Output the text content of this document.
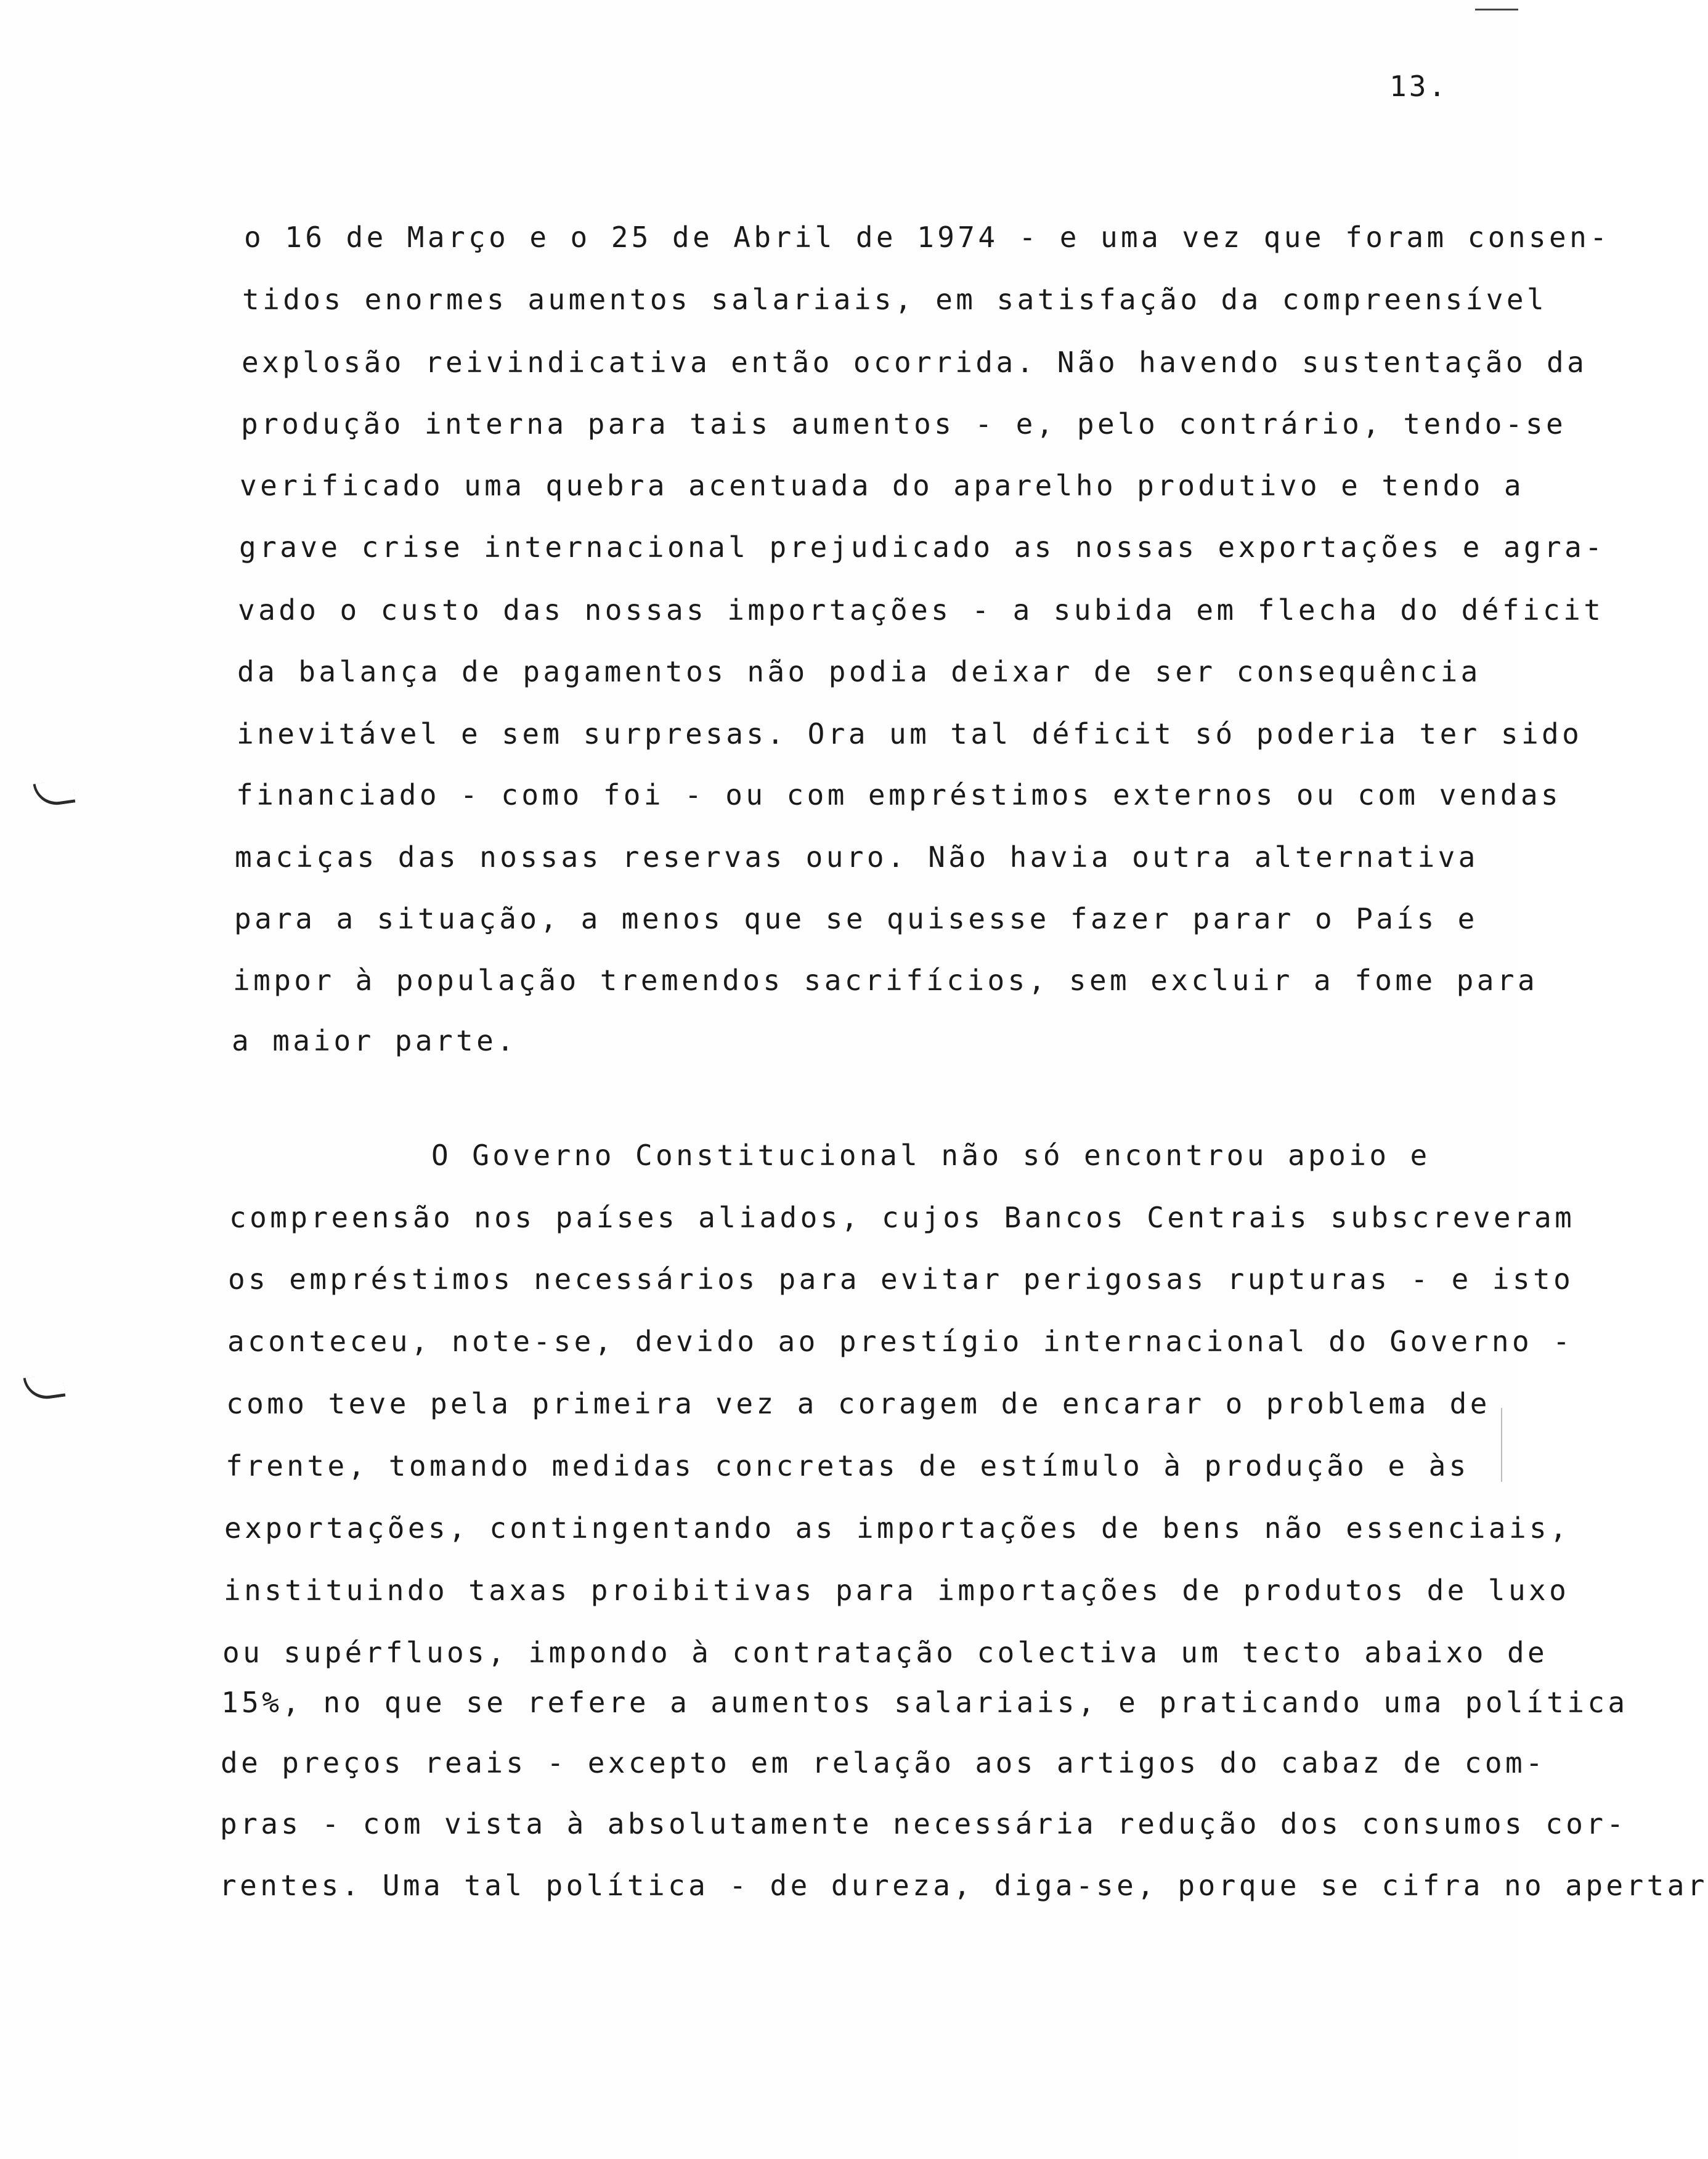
13.
o 16 de Março e o 25 de Abril de 1974 - e uma vez que foram consen-
tidos enormes aumentos salariais, em satisfação da compreensível
explosão reivindicativa então ocorrida. Não havendo sustentação da
produção interna para tais aumentos - e, pelo contrário, tendo-se
verificado uma quebra acentuada do aparelho produtivo e tendo a
grave crise internacional prejudicado as nossas exportações e agra-
vado o custo das nossas importações - a subida em flecha do déficit
da balança de pagamentos não podia deixar de ser consequência
inevitável e sem surpresas. Ora um tal déficit só poderia ter sido
financiado - como foi - ou com empréstimos externos ou com vendas
maciças das nossas reservas ouro. Não havia outra alternativa
para a situação, a menos que se quisesse fazer parar o País e
impor à população tremendos sacrifícios, sem excluir a fome para
a maior parte.
O Governo Constitucional não só encontrou apoio e
compreensão nos países aliados, cujos Bancos Centrais subscreveram
os empréstimos necessários para evitar perigosas rupturas - e isto
aconteceu, note-se, devido ao prestígio internacional do Governo -
como teve pela primeira vez a coragem de encarar o problema de
frente, tomando medidas concretas de estímulo à produção e às
exportações, contingentando as importações de bens não essenciais,
instituindo taxas proibitivas para importações de produtos de luxo
ou supérfluos, impondo à contratação colectiva um tecto abaixo de
15%, no que se refere a aumentos salariais, e praticando uma política
de preços reais - excepto em relação aos artigos do cabaz de com-
pras - com vista à absolutamente necessária redução dos consumos cor-
rentes. Uma tal política - de dureza, diga-se, porque se cifra no apertar
